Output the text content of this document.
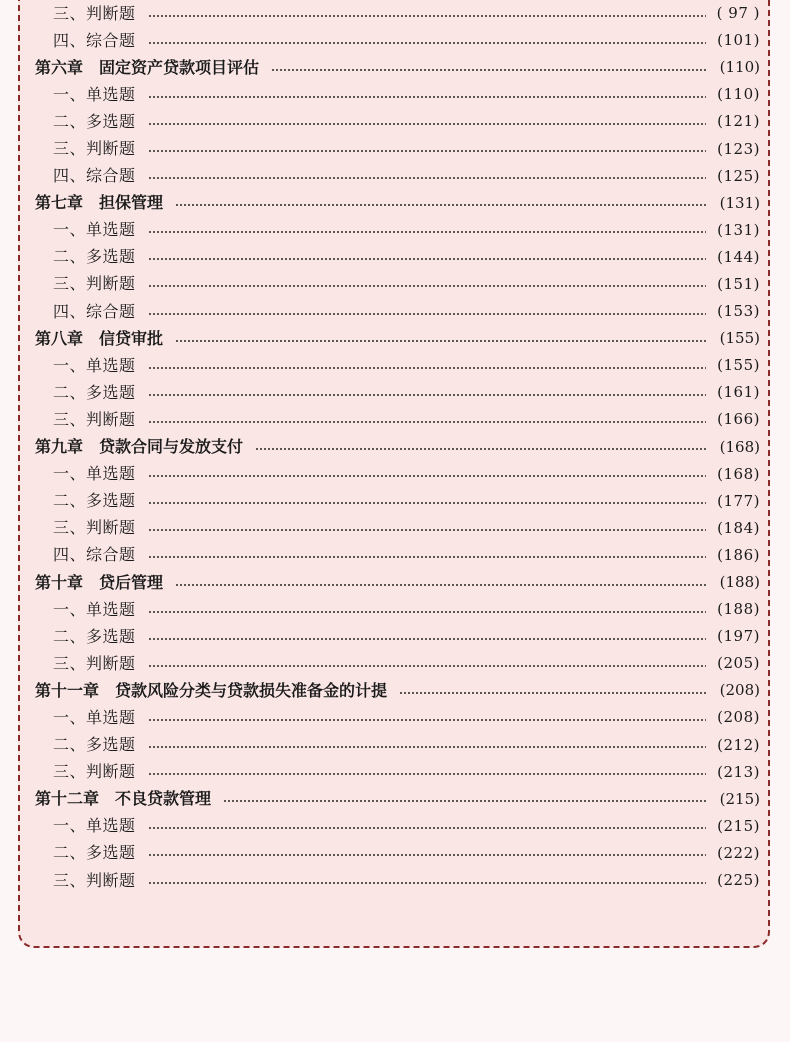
三、判断题	( 97 )
四、综合题	(101)
第六章　固定资产贷款项目评估	(110)
一、单选题	(110)
二、多选题	(121)
三、判断题	(123)
四、综合题	(125)
第七章　担保管理	(131)
一、单选题	(131)
二、多选题	(144)
三、判断题	(151)
四、综合题	(153)
第八章　信贷审批	(155)
一、单选题	(155)
二、多选题	(161)
三、判断题	(166)
第九章　贷款合同与发放支付	(168)
一、单选题	(168)
二、多选题	(177)
三、判断题	(184)
四、综合题	(186)
第十章　贷后管理	(188)
一、单选题	(188)
二、多选题	(197)
三、判断题	(205)
第十一章　贷款风险分类与贷款损失准备金的计提	(208)
一、单选题	(208)
二、多选题	(212)
三、判断题	(213)
第十二章　不良贷款管理	(215)
一、单选题	(215)
二、多选题	(222)
三、判断题	(225)
